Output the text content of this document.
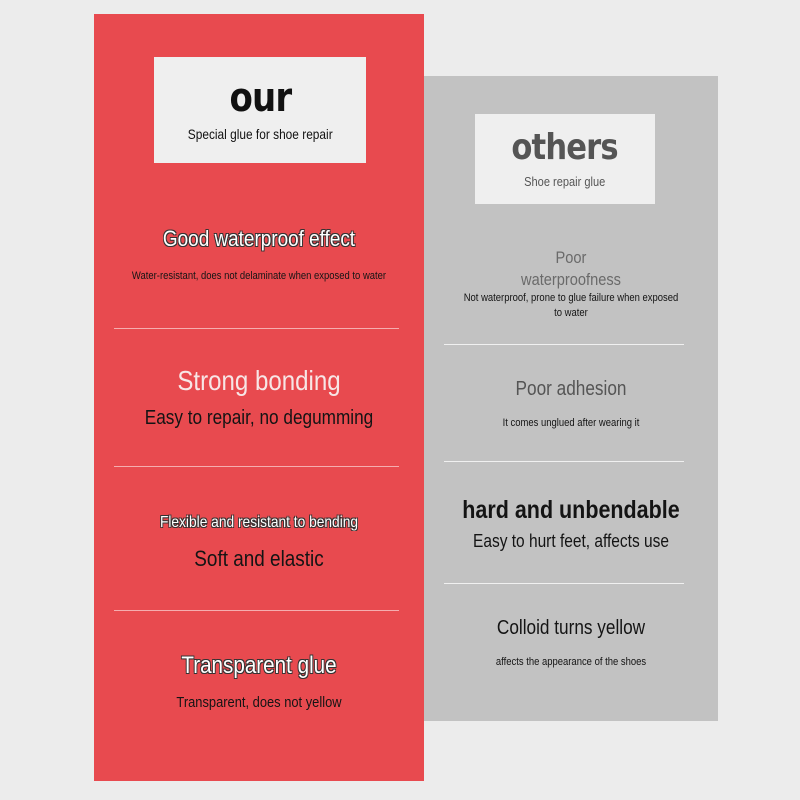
our
Special glue for shoe repair
Good waterproof effect
Water-resistant, does not delaminate when exposed to water
Strong bonding
Easy to repair, no degumming
Flexible and resistant to bending
Soft and elastic
Transparent glue
Transparent, does not yellow
others
Shoe repair glue
Poor
waterproofness
Not waterproof, prone to glue failure when exposed
to water
Poor adhesion
It comes unglued after wearing it
hard and unbendable
Easy to hurt feet, affects use
Colloid turns yellow
affects the appearance of the shoes
